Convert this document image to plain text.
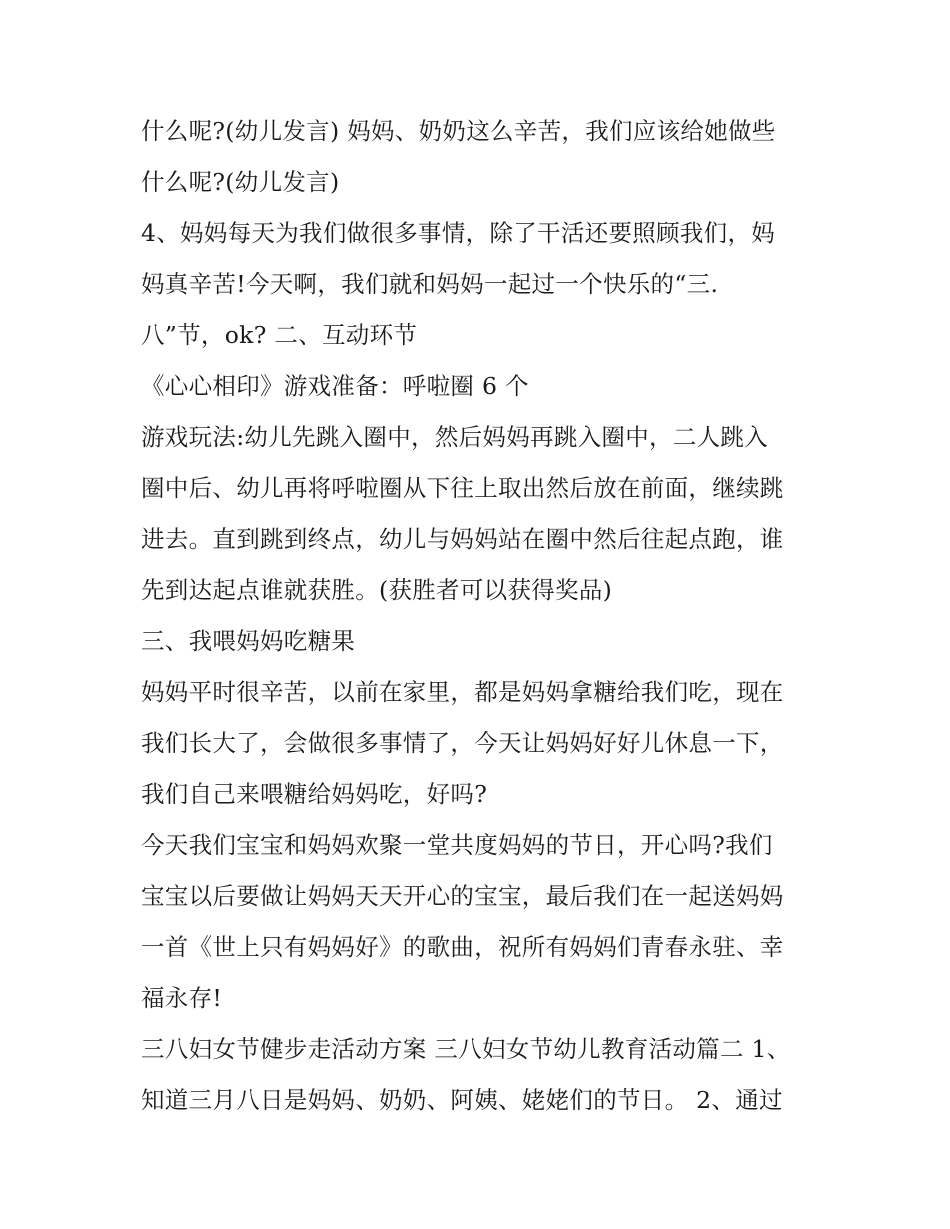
什么呢?(幼儿发言) 妈妈、奶奶这么辛苦，我们应该给她做些
什么呢?(幼儿发言)
4、妈妈每天为我们做很多事情，除了干活还要照顾我们，妈
妈真辛苦!今天啊，我们就和妈妈一起过一个快乐的“三.
八”节，ok? 二、互动环节
《心心相印》游戏准备：呼啦圈 6 个
游戏玩法:幼儿先跳入圈中，然后妈妈再跳入圈中，二人跳入
圈中后、幼儿再将呼啦圈从下往上取出然后放在前面，继续跳
进去。直到跳到终点，幼儿与妈妈站在圈中然后往起点跑，谁
先到达起点谁就获胜。(获胜者可以获得奖品)
三、我喂妈妈吃糖果
妈妈平时很辛苦，以前在家里，都是妈妈拿糖给我们吃，现在
我们长大了，会做很多事情了，今天让妈妈好好儿休息一下，
我们自己来喂糖给妈妈吃，好吗?
今天我们宝宝和妈妈欢聚一堂共度妈妈的节日，开心吗?我们
宝宝以后要做让妈妈天天开心的宝宝，最后我们在一起送妈妈
一首《世上只有妈妈好》的歌曲，祝所有妈妈们青春永驻、幸
福永存!
三八妇女节健步走活动方案 三八妇女节幼儿教育活动篇二 1、
知道三月八日是妈妈、奶奶、阿姨、姥姥们的节日。 2、通过
